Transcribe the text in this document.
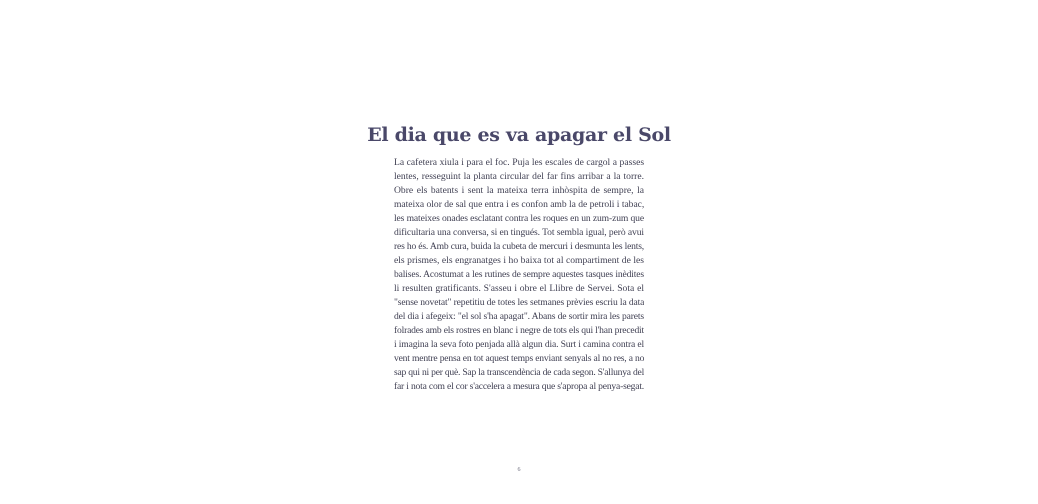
El dia que es va apagar el Sol
La cafetera xiula i para el foc. Puja les escales de cargol a passes
lentes, resseguint la planta circular del far fins arribar a la torre.
Obre els batents i sent la mateixa terra inhòspita de sempre, la
mateixa olor de sal que entra i es confon amb la de petroli i tabac,
les mateixes onades esclatant contra les roques en un zum-zum que
dificultaria una conversa, si en tingués. Tot sembla igual, però avui
res ho és. Amb cura, buida la cubeta de mercuri i desmunta les lents,
els prismes, els engranatges i ho baixa tot al compartiment de les
balises. Acostumat a les rutines de sempre aquestes tasques inèdites
li resulten gratificants. S'asseu i obre el Llibre de Servei. Sota el
"sense novetat" repetitiu de totes les setmanes prèvies escriu la data
del dia i afegeix: "el sol s'ha apagat". Abans de sortir mira les parets
folrades amb els rostres en blanc i negre de tots els qui l'han precedit
i imagina la seva foto penjada allà algun dia. Surt i camina contra el
vent mentre pensa en tot aquest temps enviant senyals al no res, a no
sap qui ni per què. Sap la transcendència de cada segon. S'allunya del
far i nota com el cor s'accelera a mesura que s'apropa al penya-segat.
6
